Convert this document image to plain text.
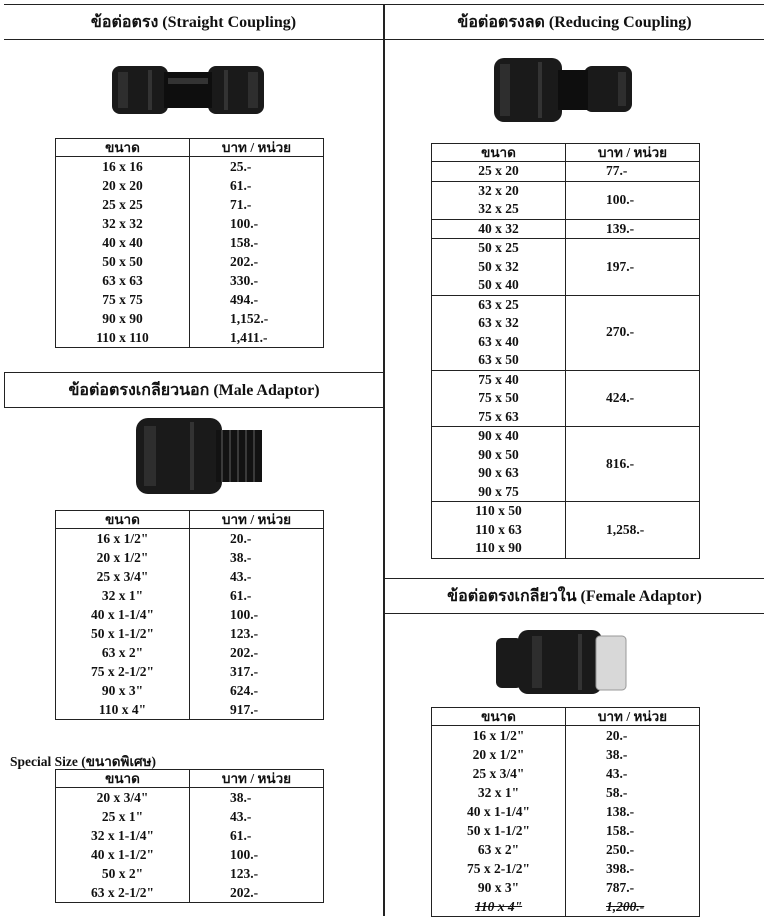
ข้อต่อตรง (Straight Coupling)
ขนาด	บาท / หน่วย
16 x 16	25.-
20 x 20	61.-
25 x 25	71.-
32 x 32	100.-
40 x 40	158.-
50 x 50	202.-
63 x 63	330.-
75 x 75	494.-
90 x 90	1,152.-
110 x 110	1,411.-
ข้อต่อตรงเกลียวนอก (Male Adaptor)
ขนาด	บาท / หน่วย
16 x 1/2"	20.-
20 x 1/2"	38.-
25 x 3/4"	43.-
32 x 1"	61.-
40 x 1-1/4"	100.-
50 x 1-1/2"	123.-
63 x 2"	202.-
75 x 2-1/2"	317.-
90 x 3"	624.-
110 x 4"	917.-
Special Size (ขนาดพิเศษ)
ขนาด	บาท / หน่วย
20 x 3/4"	38.-
25 x 1"	43.-
32 x 1-1/4"	61.-
40 x 1-1/2"	100.-
50 x 2"	123.-
63 x 2-1/2"	202.-
ข้อต่อตรงลด (Reducing Coupling)
ขนาด	บาท / หน่วย
25 x 20	77.-
32 x 20	100.-
32 x 25	
40 x 32	139.-
50 x 25	197.-
50 x 32	
50 x 40	
63 x 25	270.-
63 x 32	
63 x 40	
63 x 50	
75 x 40	424.-
75 x 50	
75 x 63	
90 x 40	816.-
90 x 50	
90 x 63	
90 x 75	
110 x 50	1,258.-
110 x 63	
110 x 90	
ข้อต่อตรงเกลียวใน (Female Adaptor)
ขนาด	บาท / หน่วย
16 x 1/2"	20.-
20 x 1/2"	38.-
25 x 3/4"	43.-
32 x 1"	58.-
40 x 1-1/4"	138.-
50 x 1-1/2"	158.-
63 x 2"	250.-
75 x 2-1/2"	398.-
90 x 3"	787.-
110 x 4"	1,200.-
